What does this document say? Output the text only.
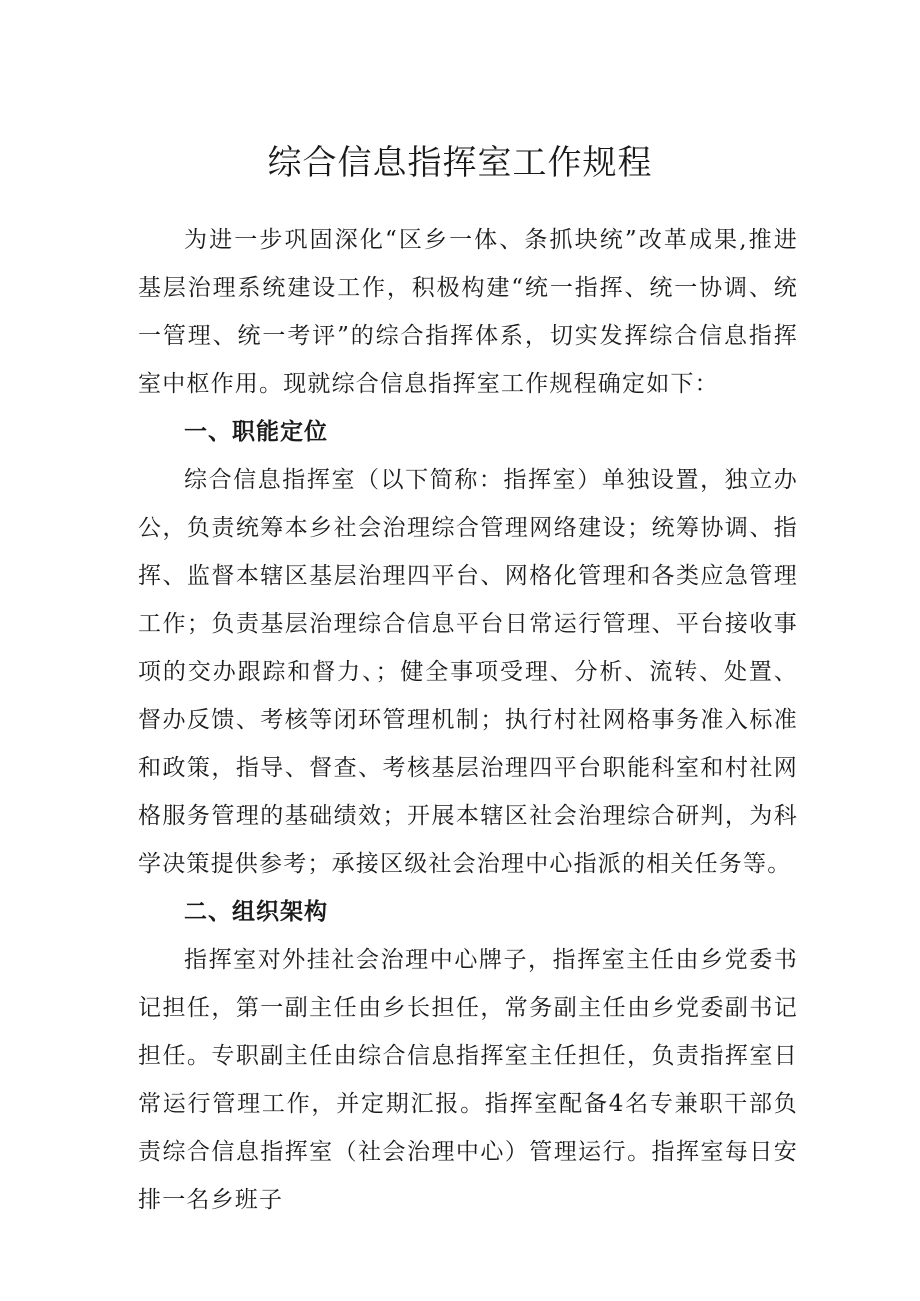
综合信息指挥室工作规程

为进一步巩固深化“区乡一体、条抓块统”改革成果,推进基层治理系统建设工作，积极构建“统一指挥、统一协调、统一管理、统一考评”的综合指挥体系，切实发挥综合信息指挥室中枢作用。现就综合信息指挥室工作规程确定如下：

一、职能定位

综合信息指挥室（以下简称：指挥室）单独设置，独立办公，负责统筹本乡社会治理综合管理网络建设；统筹协调、指挥、监督本辖区基层治理四平台、网格化管理和各类应急管理工作；负责基层治理综合信息平台日常运行管理、平台接收事项的交办跟踪和督力、；健全事项受理、分析、流转、处置、督办反馈、考核等闭环管理机制；执行村社网格事务准入标准和政策，指导、督查、考核基层治理四平台职能科室和村社网格服务管理的基础绩效；开展本辖区社会治理综合研判，为科学决策提供参考；承接区级社会治理中心指派的相关任务等。

二、组织架构

指挥室对外挂社会治理中心牌子，指挥室主任由乡党委书记担任，第一副主任由乡长担任，常务副主任由乡党委副书记担任。专职副主任由综合信息指挥室主任担任，负责指挥室日常运行管理工作，并定期汇报。指挥室配备4名专兼职干部负责综合信息指挥室（社会治理中心）管理运行。指挥室每日安排一名乡班子
